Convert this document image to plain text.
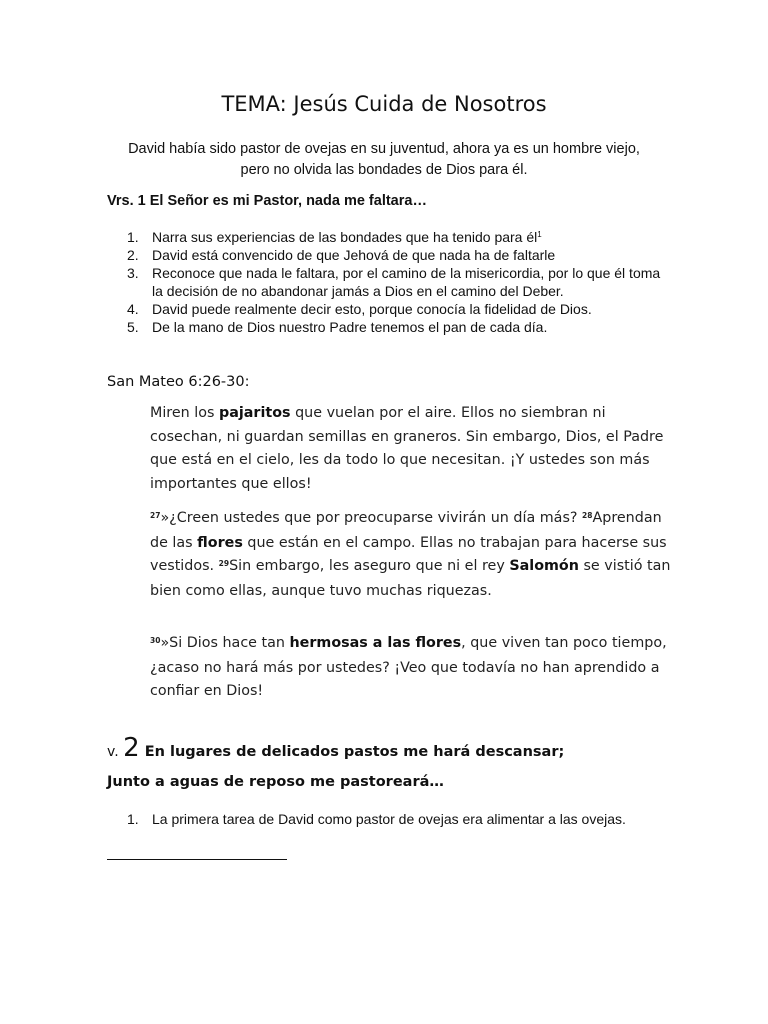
TEMA: Jesús Cuida de Nosotros
David había sido pastor de ovejas en su juventud, ahora ya es un hombre viejo,
pero no olvida las bondades de Dios para él.

Vrs. 1 El Señor es mi Pastor, nada me faltara…

1. Narra sus experiencias de las bondades que ha tenido para $él^1$
2. David está convencido de que Jehová de que nada ha de faltarle
3. Reconoce que nada le faltara, por el camino de la misericordia, por lo que él toma la decisión de no abandonar jamás a Dios en el camino del Deber.
4. David puede realmente decir esto, porque conocía la fidelidad de Dios.
5. De la mano de Dios nuestro Padre tenemos el pan de cada día.

San Mateo 6:26-30:

Miren los pajaritos que vuelan por el aire. Ellos no siembran ni cosechan, ni guardan semillas en graneros. Sin embargo, Dios, el Padre que está en el cielo, les da todo lo que necesitan. ¡Y ustedes son más importantes que ellos!

$^{27}$»¿Creen ustedes que por preocuparse vivirán un día más? $^{28}$Aprendan de las flores que están en el campo. Ellas no trabajan para hacerse sus vestidos. $^{29}$Sin embargo, les aseguro que ni el rey Salomón se vistió tan bien como ellas, aunque tuvo muchas riquezas.

$^{30}$»Si Dios hace tan hermosas a las flores, que viven tan poco tiempo, ¿acaso no hará más por ustedes? ¡Veo que todavía no han aprendido a confiar en Dios!

v. 2 En lugares de delicados pastos me hará descansar;

Junto a aguas de reposo me pastoreará…

1. La primera tarea de David como pastor de ovejas era alimentar a las ovejas.
